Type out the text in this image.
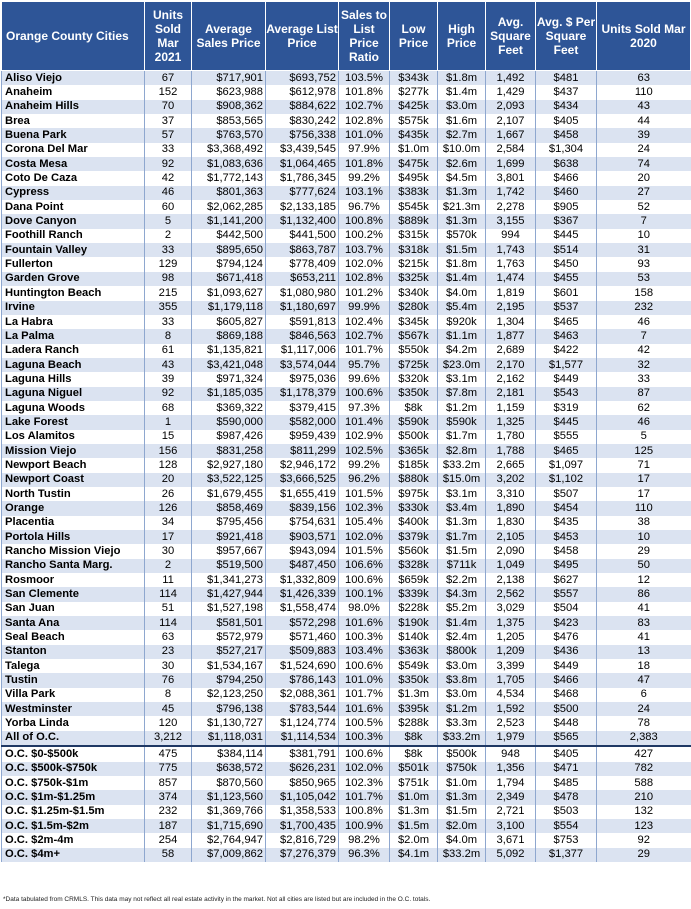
Orange County Cities	Units Sold Mar 2021	Average Sales Price	Average List Price	Sales to List Price Ratio	Low Price	High Price	Avg. Square Feet	Avg. $ Per Square Feet	Units Sold Mar 2020
Aliso Viejo	67	$717,901	$693,752	103.5%	$343k	$1.8m	1,492	$481	63
Anaheim	152	$623,988	$612,978	101.8%	$277k	$1.4m	1,429	$437	110
Anaheim Hills	70	$908,362	$884,622	102.7%	$425k	$3.0m	2,093	$434	43
Brea	37	$853,565	$830,242	102.8%	$575k	$1.6m	2,107	$405	44
Buena Park	57	$763,570	$756,338	101.0%	$435k	$2.7m	1,667	$458	39
Corona Del Mar	33	$3,368,492	$3,439,545	97.9%	$1.0m	$10.0m	2,584	$1,304	24
Costa Mesa	92	$1,083,636	$1,064,465	101.8%	$475k	$2.6m	1,699	$638	74
Coto De Caza	42	$1,772,143	$1,786,345	99.2%	$495k	$4.5m	3,801	$466	20
Cypress	46	$801,363	$777,624	103.1%	$383k	$1.3m	1,742	$460	27
Dana Point	60	$2,062,285	$2,133,185	96.7%	$545k	$21.3m	2,278	$905	52
Dove Canyon	5	$1,141,200	$1,132,400	100.8%	$889k	$1.3m	3,155	$367	7
Foothill Ranch	2	$442,500	$441,500	100.2%	$315k	$570k	994	$445	10
Fountain Valley	33	$895,650	$863,787	103.7%	$318k	$1.5m	1,743	$514	31
Fullerton	129	$794,124	$778,409	102.0%	$215k	$1.8m	1,763	$450	93
Garden Grove	98	$671,418	$653,211	102.8%	$325k	$1.4m	1,474	$455	53
Huntington Beach	215	$1,093,627	$1,080,980	101.2%	$340k	$4.0m	1,819	$601	158
Irvine	355	$1,179,118	$1,180,697	99.9%	$280k	$5.4m	2,195	$537	232
La Habra	33	$605,827	$591,813	102.4%	$345k	$920k	1,304	$465	46
La Palma	8	$869,188	$846,563	102.7%	$567k	$1.1m	1,877	$463	7
Ladera Ranch	61	$1,135,821	$1,117,006	101.7%	$550k	$4.2m	2,689	$422	42
Laguna Beach	43	$3,421,048	$3,574,044	95.7%	$725k	$23.0m	2,170	$1,577	32
Laguna Hills	39	$971,324	$975,036	99.6%	$320k	$3.1m	2,162	$449	33
Laguna Niguel	92	$1,185,035	$1,178,379	100.6%	$350k	$7.8m	2,181	$543	87
Laguna Woods	68	$369,322	$379,415	97.3%	$8k	$1.2m	1,159	$319	62
Lake Forest	1	$590,000	$582,000	101.4%	$590k	$590k	1,325	$445	46
Los Alamitos	15	$987,426	$959,439	102.9%	$500k	$1.7m	1,780	$555	5
Mission Viejo	156	$831,258	$811,299	102.5%	$365k	$2.8m	1,788	$465	125
Newport Beach	128	$2,927,180	$2,946,172	99.2%	$185k	$33.2m	2,665	$1,097	71
Newport Coast	20	$3,522,125	$3,666,525	96.2%	$880k	$15.0m	3,202	$1,102	17
North Tustin	26	$1,679,455	$1,655,419	101.5%	$975k	$3.1m	3,310	$507	17
Orange	126	$858,469	$839,156	102.3%	$330k	$3.4m	1,890	$454	110
Placentia	34	$795,456	$754,631	105.4%	$400k	$1.3m	1,830	$435	38
Portola Hills	17	$921,418	$903,571	102.0%	$379k	$1.7m	2,105	$453	10
Rancho Mission Viejo	30	$957,667	$943,094	101.5%	$560k	$1.5m	2,090	$458	29
Rancho Santa Marg.	2	$519,500	$487,450	106.6%	$328k	$711k	1,049	$495	50
Rosmoor	11	$1,341,273	$1,332,809	100.6%	$659k	$2.2m	2,138	$627	12
San Clemente	114	$1,427,944	$1,426,339	100.1%	$339k	$4.3m	2,562	$557	86
San Juan	51	$1,527,198	$1,558,474	98.0%	$228k	$5.2m	3,029	$504	41
Santa Ana	114	$581,501	$572,298	101.6%	$190k	$1.4m	1,375	$423	83
Seal Beach	63	$572,979	$571,460	100.3%	$140k	$2.4m	1,205	$476	41
Stanton	23	$527,217	$509,883	103.4%	$363k	$800k	1,209	$436	13
Talega	30	$1,534,167	$1,524,690	100.6%	$549k	$3.0m	3,399	$449	18
Tustin	76	$794,250	$786,143	101.0%	$350k	$3.8m	1,705	$466	47
Villa Park	8	$2,123,250	$2,088,361	101.7%	$1.3m	$3.0m	4,534	$468	6
Westminster	45	$796,138	$783,544	101.6%	$395k	$1.2m	1,592	$500	24
Yorba Linda	120	$1,130,727	$1,124,774	100.5%	$288k	$3.3m	2,523	$448	78
All of O.C.	3,212	$1,118,031	$1,114,534	100.3%	$8k	$33.2m	1,979	$565	2,383
O.C. $0-$500k	475	$384,114	$381,791	100.6%	$8k	$500k	948	$405	427
O.C. $500k-$750k	775	$638,572	$626,231	102.0%	$501k	$750k	1,356	$471	782
O.C. $750k-$1m	857	$870,560	$850,965	102.3%	$751k	$1.0m	1,794	$485	588
O.C. $1m-$1.25m	374	$1,123,560	$1,105,042	101.7%	$1.0m	$1.3m	2,349	$478	210
O.C. $1.25m-$1.5m	232	$1,369,766	$1,358,533	100.8%	$1.3m	$1.5m	2,721	$503	132
O.C. $1.5m-$2m	187	$1,715,690	$1,700,435	100.9%	$1.5m	$2.0m	3,100	$554	123
O.C. $2m-4m	254	$2,764,947	$2,816,729	98.2%	$2.0m	$4.0m	3,671	$753	92
O.C. $4m+	58	$7,009,862	$7,276,379	96.3%	$4.1m	$33.2m	5,092	$1,377	29
*Data tabulated from CRMLS. This data may not reflect all real estate activity in the market. Not all cities are listed but are included in the O.C. totals.
